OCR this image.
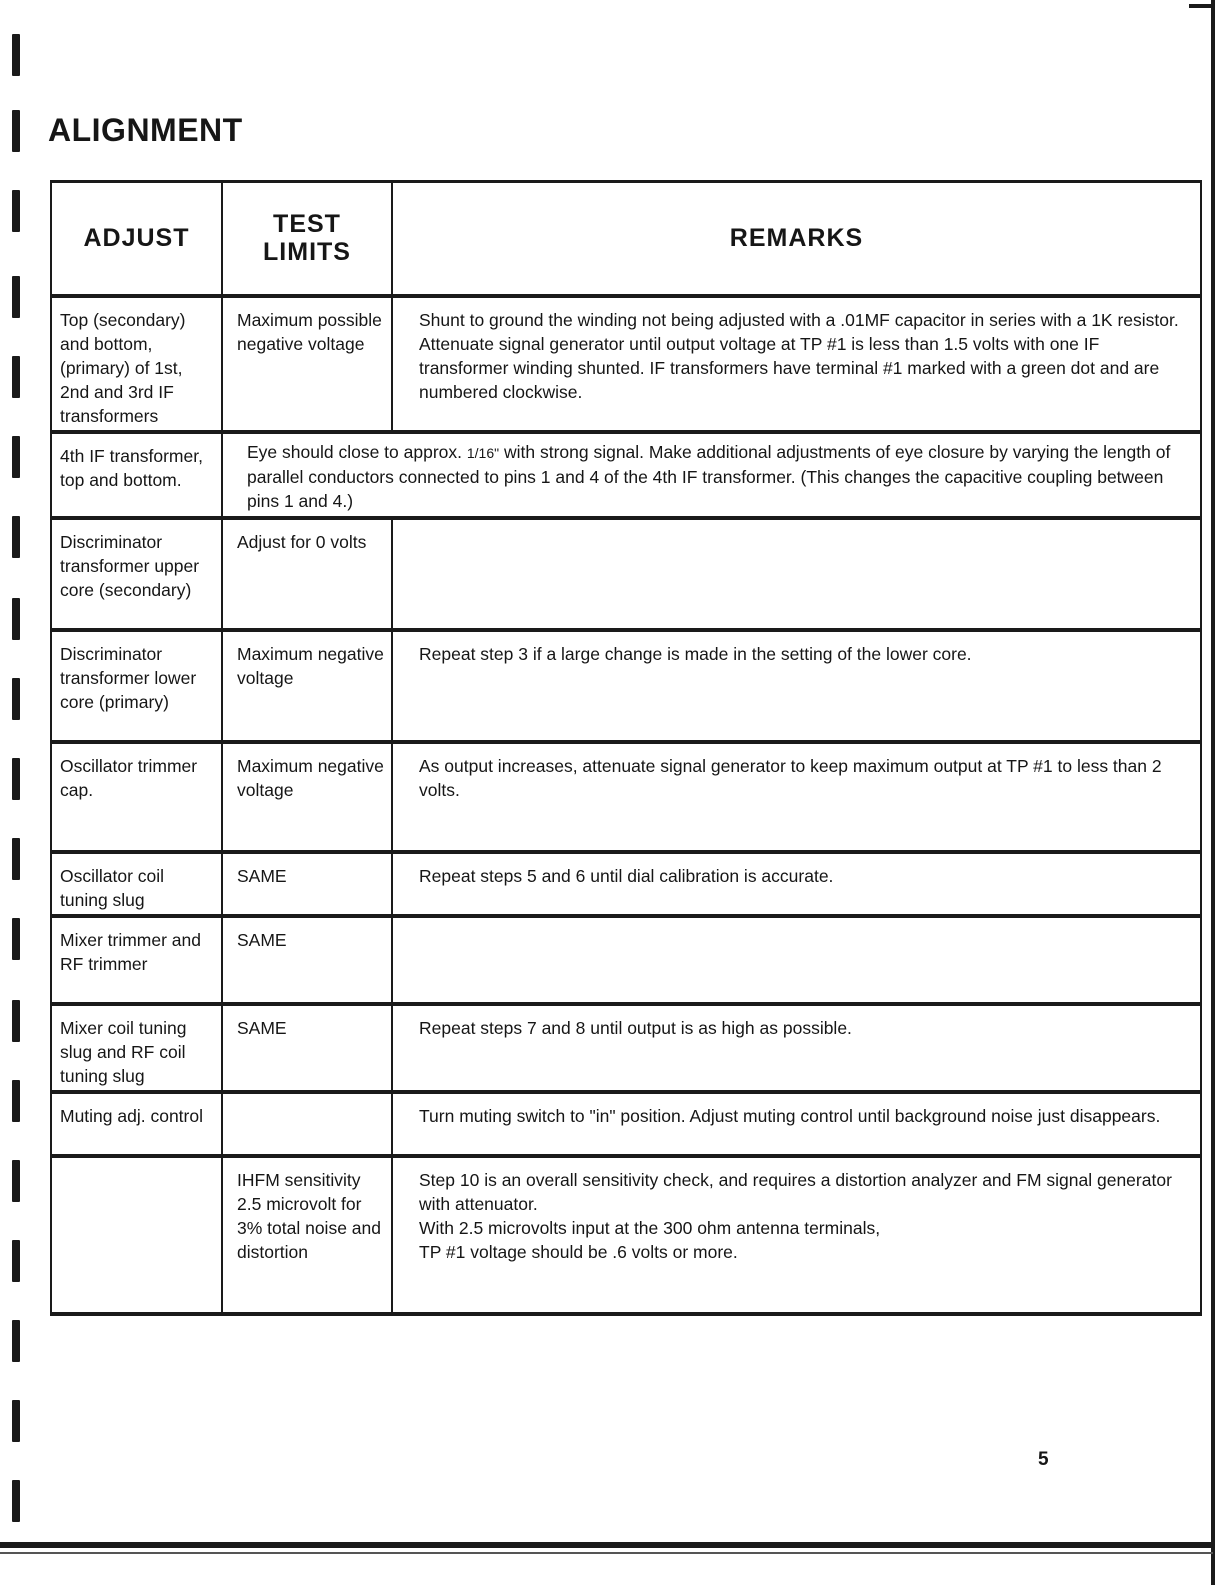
ALIGNMENT
ADJUST	TEST LIMITS	REMARKS
Top (secondary) and bottom, (primary) of 1st, 2nd and 3rd IF transformers	Maximum possible negative voltage	Shunt to ground the winding not being adjusted with a .01MF capacitor in series with a 1K resistor. Attenuate signal generator until output voltage at TP #1 is less than 1.5 volts with one IF transformer winding shunted. IF transformers have terminal #1 marked with a green dot and are numbered clockwise.
4th IF transformer, top and bottom.	Eye should close to approx. 1/16" with strong signal. Make additional adjustments of eye closure by varying the length of parallel conductors connected to pins 1 and 4 of the 4th IF transformer. (This changes the capacitive coupling between pins 1 and 4.)	
Discriminator transformer upper core (secondary)	Adjust for 0 volts	
Discriminator transformer lower core (primary)	Maximum negative voltage	Repeat step 3 if a large change is made in the setting of the lower core.
Oscillator trimmer cap.	Maximum negative voltage	As output increases, attenuate signal generator to keep maximum output at TP #1 to less than 2 volts.
Oscillator coil tuning slug	SAME	Repeat steps 5 and 6 until dial calibration is accurate.
Mixer trimmer and RF trimmer	SAME	
Mixer coil tuning slug and RF coil tuning slug	SAME	Repeat steps 7 and 8 until output is as high as possible.
Muting adj. control		Turn muting switch to "in" position. Adjust muting control until background noise just disappears.
	IHFM sensitivity 2.5 microvolt for 3% total noise and distortion	Step 10 is an overall sensitivity check, and requires a distortion analyzer and FM signal generator with attenuator.
With 2.5 microvolts input at the 300 ohm antenna terminals,
TP #1 voltage should be .6 volts or more.
5
